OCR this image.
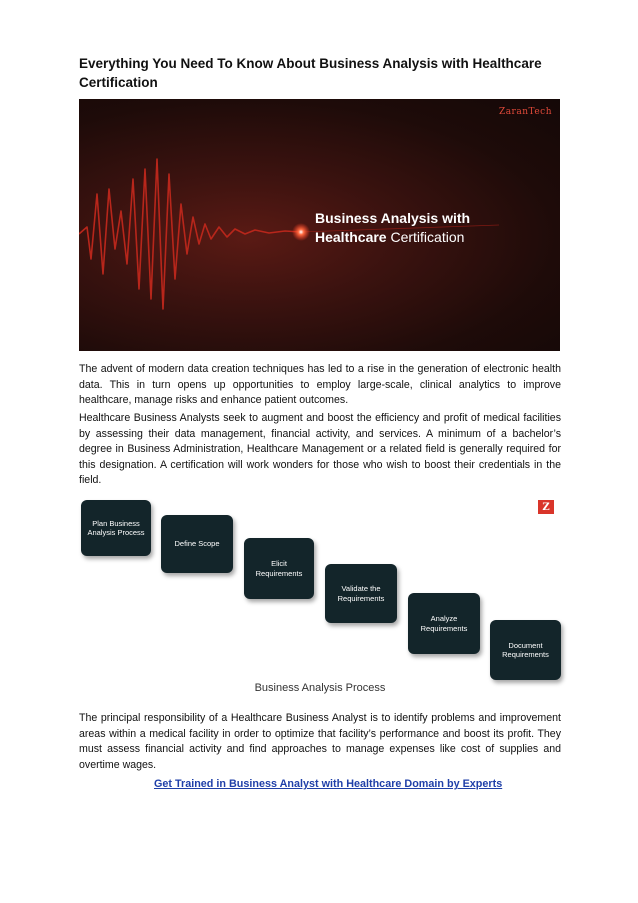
Everything You Need To Know About Business Analysis with Healthcare Certification
ZaranTech
Business Analysis with
Healthcare Certification
The advent of modern data creation techniques has led to a rise in the generation of electronic health data. This in turn opens up opportunities to employ large-scale, clinical analytics to improve healthcare, manage risks and enhance patient outcomes.
Healthcare Business Analysts seek to augment and boost the efficiency and profit of medical facilities by assessing their data management, financial activity, and services. A minimum of a bachelor’s degree in Business Administration, Healthcare Management or a related field is generally required for this designation. A certification will work wonders for those who wish to boost their credentials in the field.
Z
Plan Business Analysis Process
Define Scope
Elicit Requirements
Validate the Requirements
Analyze Requirements
Document Requirements
Business Analysis Process
The principal responsibility of a Healthcare Business Analyst is to identify problems and improvement areas within a medical facility in order to optimize that facility’s performance and boost its profit. They must assess financial activity and find approaches to manage expenses like cost of supplies and overtime wages.
Get Trained in Business Analyst with Healthcare Domain by Experts
